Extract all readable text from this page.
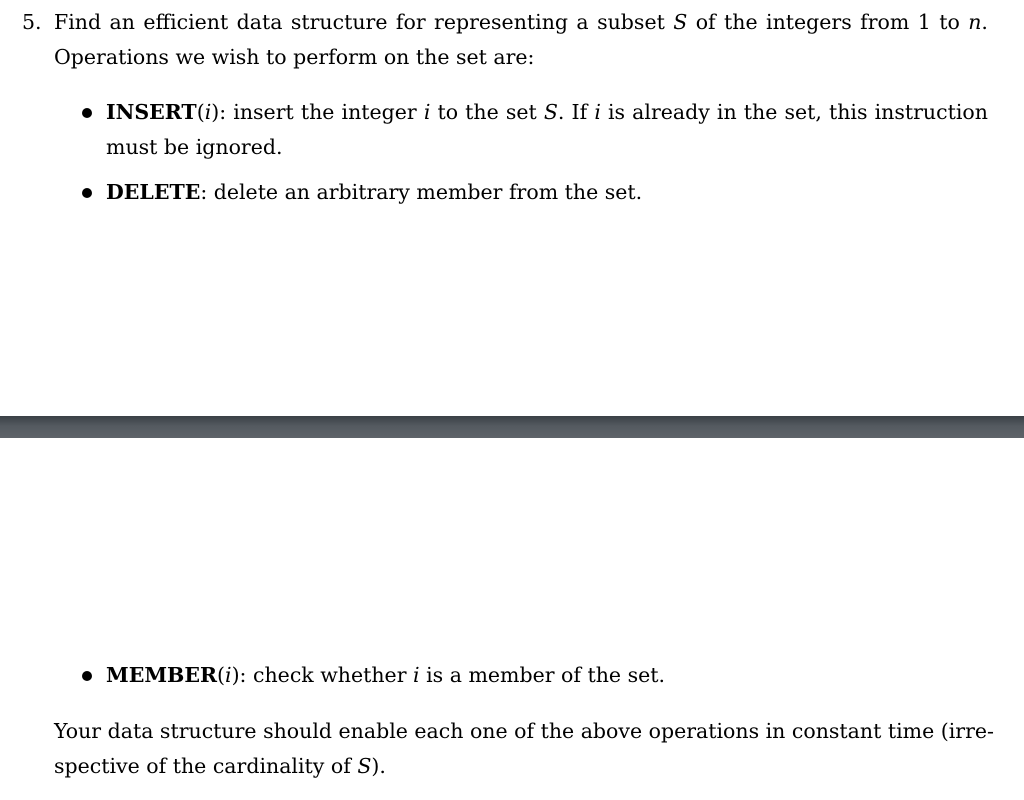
5. Find an efficient data structure for representing a subset S of the integers from 1 to n.
Operations we wish to perform on the set are:
INSERT(i): insert the integer i to the set S. If i is already in the set, this instruction
must be ignored.
DELETE: delete an arbitrary member from the set.
MEMBER(i): check whether i is a member of the set.
Your data structure should enable each one of the above operations in constant time (irre-
spective of the cardinality of S).
